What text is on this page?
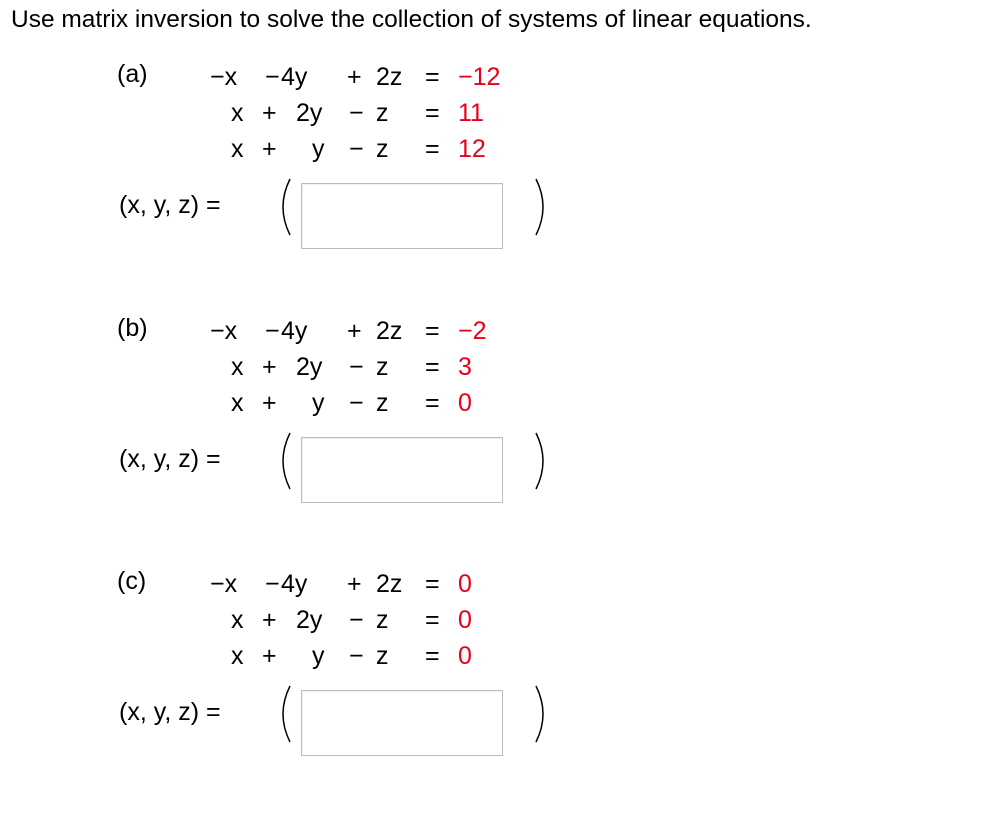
Use matrix inversion to solve the collection of systems of linear equations.
(a) −x − 4y + 2z = −12
x + 2y − z = 11
x + y − z = 12
(x, y, z) =
(b) −x − 4y + 2z = −2
x + 2y − z = 3
x + y − z = 0
(x, y, z) =
(c)	−x − 4y + 2z = 0
x + 2y − z = 0
x + y − z = 0
(x, y, z) =
